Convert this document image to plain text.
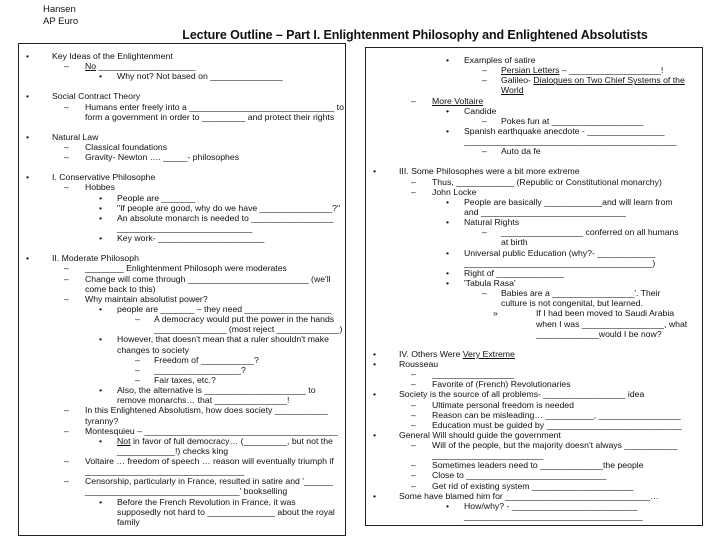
Hansen
AP Euro
Lecture Outline – Part I. Enlightenment Philosophy and Enlightened Absolutists
•	Key Ideas of the Enlightenment
– No ____________________
• Why not? Not based on _______________
•	Social Contract Theory
– Humans enter freely into a ______________________________ to
form a government in order to _________ and protect their rights
•	Natural Law
– Classical foundations
– Gravity- Newton …. _____- philosophes
•	I. Conservative Philosophe
– Hobbes
• People are _______
• "If people are good, why do we have _______________?"
• An absolute monarch is needed to _________________
____________________________
• Key work- ______________________
•	II. Moderate Philosoph
– ________ Enlightenment Philosoph were moderates
– Change will come through _________________________ (we'll
come back to this)
– Why maintain absolutist power?
• people are _______ – they need __________________
– A democracy would put the power in the hands
_______________ (most reject _____________)
• However, that doesn't mean that a ruler shouldn't make
changes to society
– Freedom of ___________?
– __________________?
– Fair taxes, etc.?
• Also, the alternative is _____________________ to
remove monarchs… that _______________!
– In this Enlightened Absolutism, how does society ___________
tyranny?
– Montesquieu – ________________________________________
• Not in favor of full democracy… (_________, but not the
____________!) checks king
– Voltaire … freedom of speech … reason will eventually triumph if
_________________________________
– Censorship, particularly in France, resulted in satire and '______
________________________________' bookselling
• Before the French Revolution in France, it was
supposedly not hard to ______________ about the royal
family
• Examples of satire
– Persian Letters – ___________________!
– Galileo- Dialogues on Two Chief Systems of the
World
– More Voltaire
• Candide
– Pokes fun at ___________________
• Spanish earthquake anecdote - ________________
____________________________________________
– Auto da fe
•	III. Some Philosophes were a bit more extreme
– Thus, ____________ (Republic or Constitutional monarchy)
– John Locke
• People are basically ____________and will learn from
and ______________________________
• Natural Rights
– _________________ conferred on all humans
at birth
• Universal public Education (why?- ____________
_______________________________________)
• Right of ______________
• 'Tabula Rasa'
– Babies are a _________________'. Their
culture is not congenital, but learned.
»	If I had been moved to Saudi Arabia
when I was _________________, what
_____________would I be now?
•	IV. Others Were Very Extreme
•	Rousseau
– _________________
– Favorite of (French) Revolutionaries
•	Society is the source of all problems- _________________ idea
– Ultimate personal freedom is needed
– Reason can be misleading… __________, _________________
– Education must be guided by ____________________________
•	General Will should guide the government
– Will of the people, but the majority doesn't always ___________
_______________________
– Sometimes leaders need to _____________the people
– Close to _____________________________
– Get rid of existing system _____________________
•	Some have blamed him for ______________________________…
• How/why? - __________________________
_____________________________________
